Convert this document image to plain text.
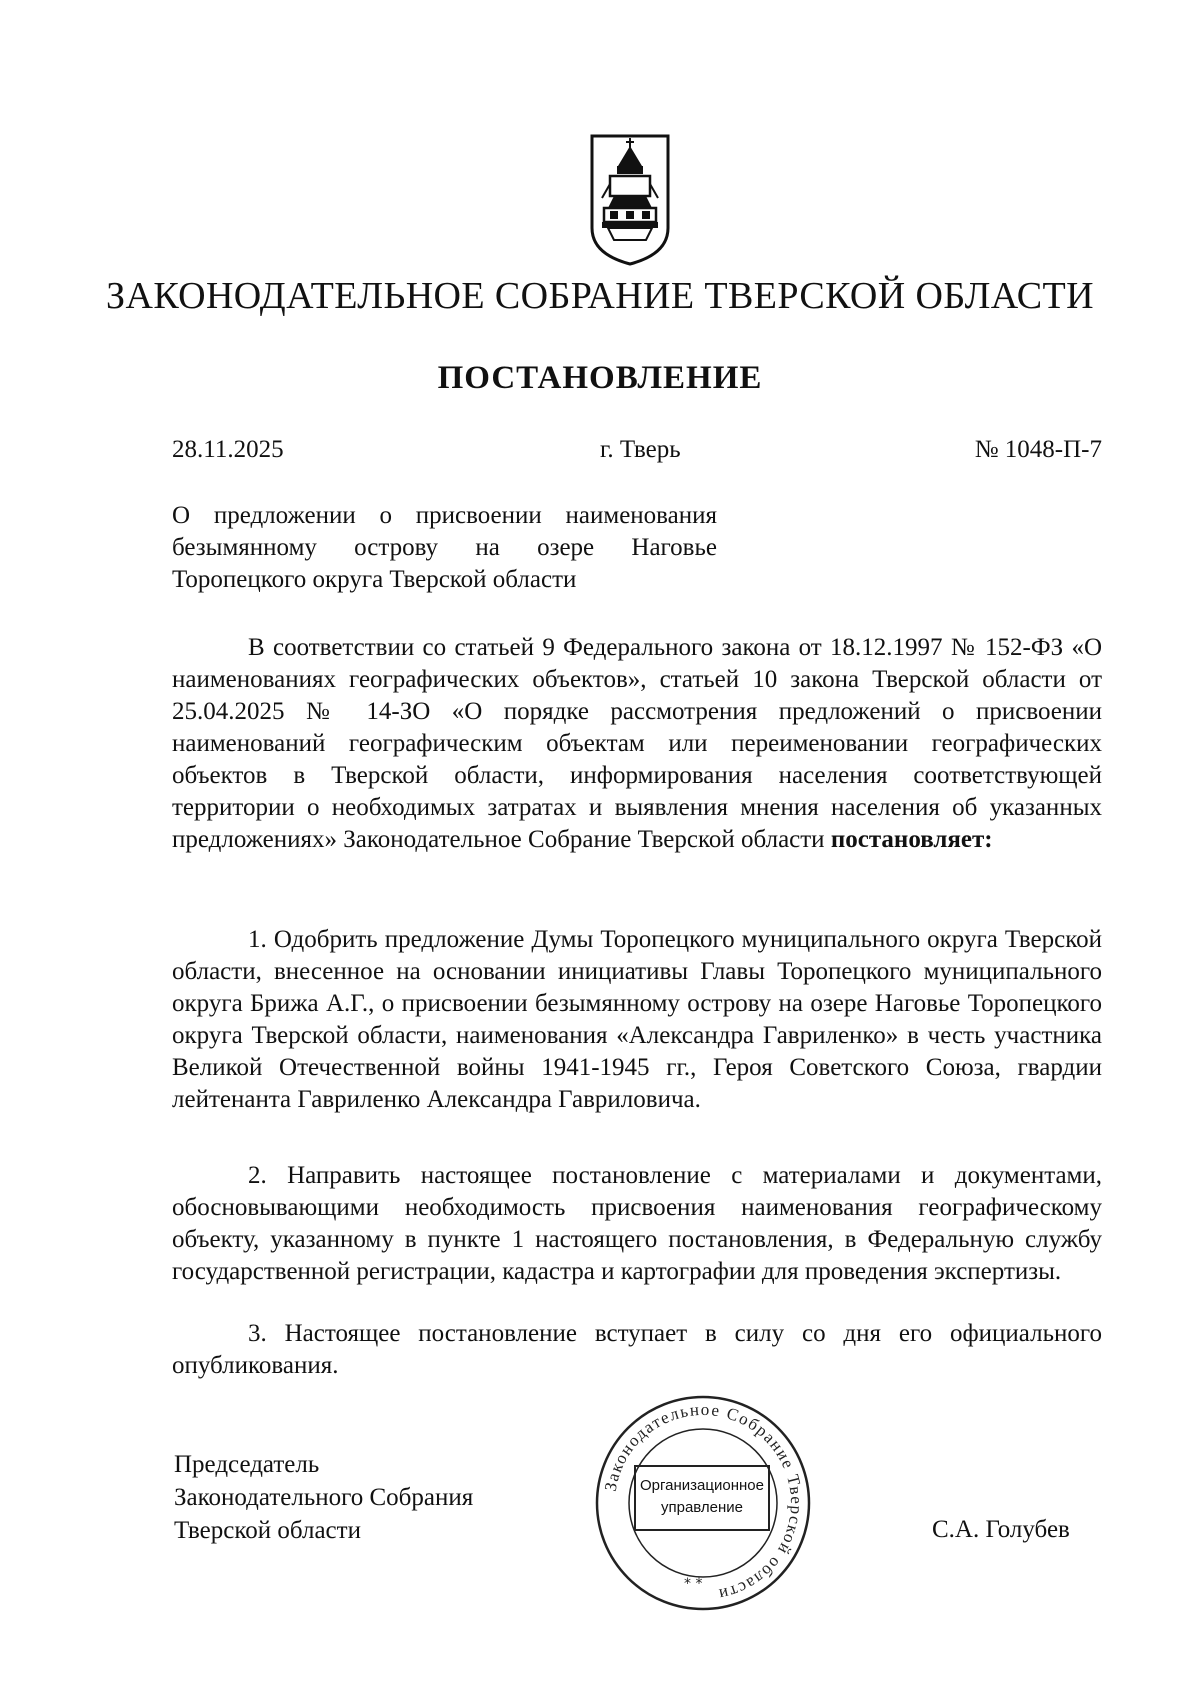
ЗАКОНОДАТЕЛЬНОЕ СОБРАНИЕ ТВЕРСКОЙ ОБЛАСТИ
ПОСТАНОВЛЕНИЕ
28.11.2025	г. Тверь	№ 1048-П-7
О предложении о присвоении наименования
безымянному острову на озере Наговье
Торопецкого округа Тверской области
В соответствии со статьей 9 Федерального закона от 18.12.1997 № 152-ФЗ «О наименованиях географических объектов», статьей 10 закона Тверской области от 25.04.2025 № 14-ЗО «О порядке рассмотрения предложений о присвоении наименований географическим объектам или переименовании географических объектов в Тверской области, информирования населения соответствующей территории о необходимых затратах и выявления мнения населения об указанных предложениях» Законодательное Собрание Тверской области постановляет:
1. Одобрить предложение Думы Торопецкого муниципального округа Тверской области, внесенное на основании инициативы Главы Торопецкого муниципального округа Брижа А.Г., о присвоении безымянному острову на озере Наговье Торопецкого округа Тверской области, наименования «Александра Гавриленко» в честь участника Великой Отечественной войны 1941-1945 гг., Героя Советского Союза, гвардии лейтенанта Гавриленко Александра Гавриловича.
2. Направить настоящее постановление с материалами и документами, обосновывающими необходимость присвоения наименования географическому объекту, указанному в пункте 1 настоящего постановления, в Федеральную службу государственной регистрации, кадастра и картографии для проведения экспертизы.
3. Настоящее постановление вступает в силу со дня его официального опубликования.
Председатель
Законодательного Собрания
Тверской области
Законодательное Собрание Тверской области
* *
Организационное
управление
С.А. Голубев
